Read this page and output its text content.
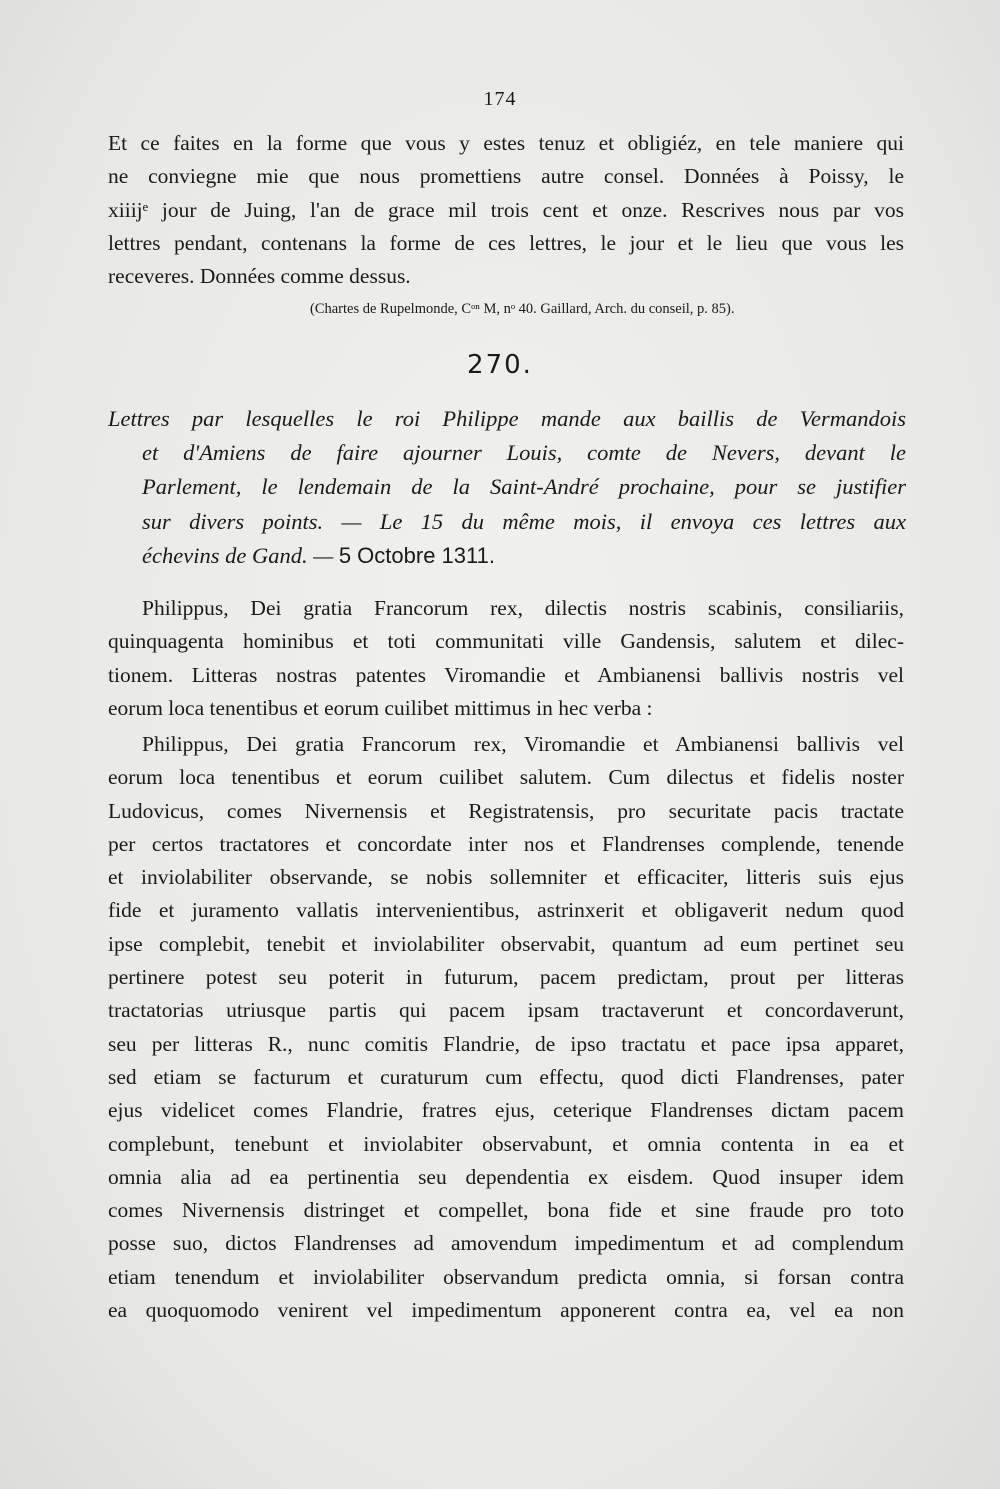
174
Et ce faites en la forme que vous y estes tenuz et obligiéz, en tele maniere qui
ne conviegne mie que nous promettiens autre consel. Données à Poissy, le
xiiijᵉ jour de Juing, l'an de grace mil trois cent et onze. Rescrives nous par vos
lettres pendant, contenans la forme de ces lettres, le jour et le lieu que vous les
receveres. Données comme dessus.
(Chartes de Rupelmonde, Cᵒⁿ M, nᵒ 40. Gaillard, Arch. du conseil, p. 85).
270.
Lettres par lesquelles le roi Philippe mande aux baillis de Vermandois
et d'Amiens de faire ajourner Louis, comte de Nevers, devant le
Parlement, le lendemain de la Saint-André prochaine, pour se justifier
sur divers points. — Le 15 du même mois, il envoya ces lettres aux
échevins de Gand. — 5 Octobre 1311.
Philippus, Dei gratia Francorum rex, dilectis nostris scabinis, consiliariis,
quinquagenta hominibus et toti communitati ville Gandensis, salutem et dilec-
tionem. Litteras nostras patentes Viromandie et Ambianensi ballivis nostris vel
eorum loca tenentibus et eorum cuilibet mittimus in hec verba :
Philippus, Dei gratia Francorum rex, Viromandie et Ambianensi ballivis vel
eorum loca tenentibus et eorum cuilibet salutem. Cum dilectus et fidelis noster
Ludovicus, comes Nivernensis et Registratensis, pro securitate pacis tractate
per certos tractatores et concordate inter nos et Flandrenses complende, tenende
et inviolabiliter observande, se nobis sollemniter et efficaciter, litteris suis ejus
fide et juramento vallatis intervenientibus, astrinxerit et obligaverit nedum quod
ipse complebit, tenebit et inviolabiliter observabit, quantum ad eum pertinet seu
pertinere potest seu poterit in futurum, pacem predictam, prout per litteras
tractatorias utriusque partis qui pacem ipsam tractaverunt et concordaverunt,
seu per litteras R., nunc comitis Flandrie, de ipso tractatu et pace ipsa apparet,
sed etiam se facturum et curaturum cum effectu, quod dicti Flandrenses, pater
ejus videlicet comes Flandrie, fratres ejus, ceterique Flandrenses dictam pacem
complebunt, tenebunt et inviolabiter observabunt, et omnia contenta in ea et
omnia alia ad ea pertinentia seu dependentia ex eisdem. Quod insuper idem
comes Nivernensis distringet et compellet, bona fide et sine fraude pro toto
posse suo, dictos Flandrenses ad amovendum impedimentum et ad complendum
etiam tenendum et inviolabiliter observandum predicta omnia, si forsan contra
ea quoquomodo venirent vel impedimentum apponerent contra ea, vel ea non
